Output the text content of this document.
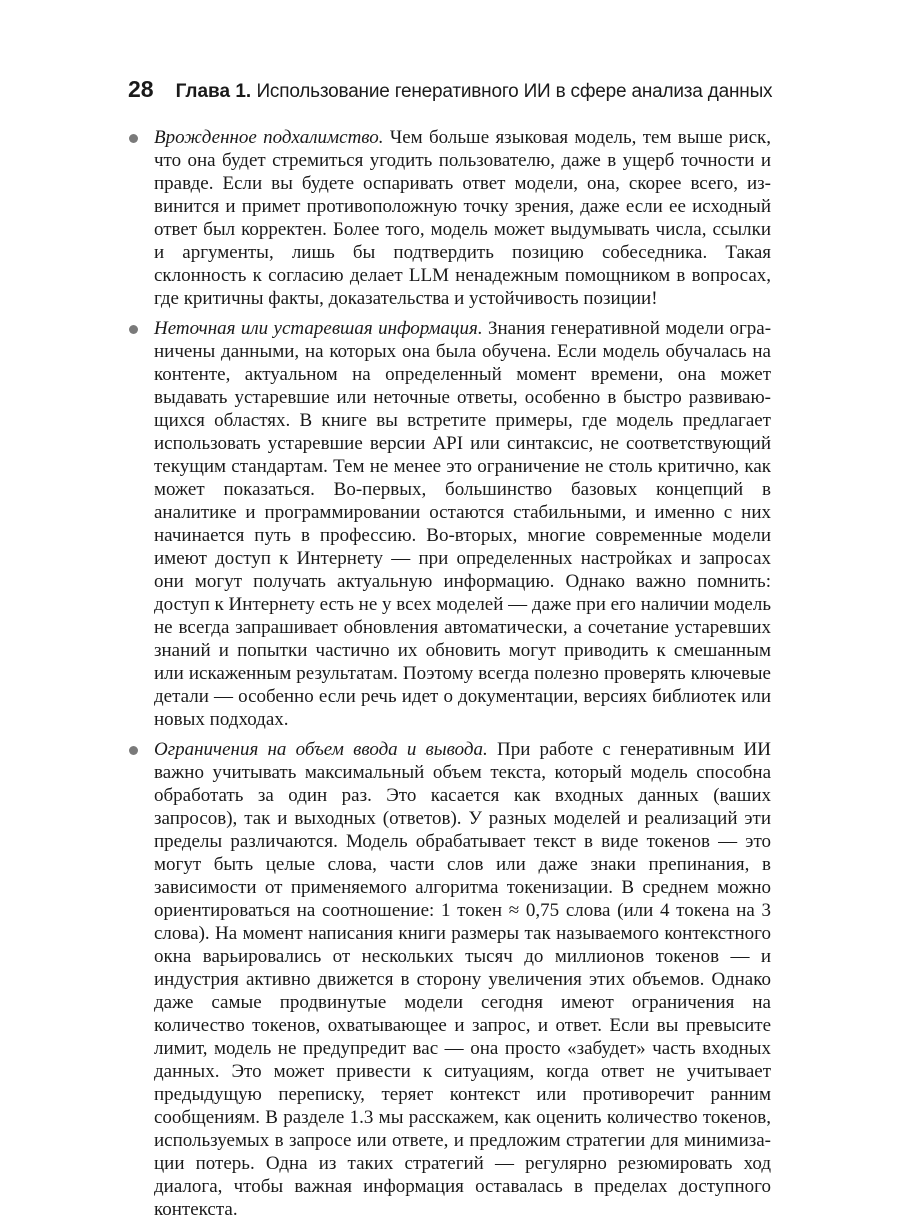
28 Глава 1. Использование генеративного ИИ в сфере анализа данных
Врожденное подхалимство. Чем больше языковая модель, тем выше риск, что она будет стремиться угодить пользователю, даже в ущерб точности и правде. Если вы будете оспаривать ответ модели, она, скорее всего, извинится и примет противоположную точку зрения, даже если ее исходный ответ был корректен. Более того, модель может выдумывать числа, ссылки и аргументы, лишь бы подтвердить позицию собеседника. Такая склонность к согласию делает LLM ненадежным помощником в вопросах, где критичны факты, доказательства и устойчивость позиции!
Неточная или устаревшая информация. Знания генеративной модели ограничены данными, на которых она была обучена. Если модель обучалась на контенте, актуальном на определенный момент времени, она может выдавать устаревшие или неточные ответы, особенно в быстро развивающихся областях. В книге вы встретите примеры, где модель предлагает использовать устаревшие версии API или синтаксис, не соответствующий текущим стандартам. Тем не менее это ограничение не столь критично, как может показаться. Во-первых, большинство базовых концепций в аналитике и программировании остаются стабильными, и именно с них начинается путь в профессию. Во-вторых, многие современные модели имеют доступ к Интернету — при определенных настройках и запросах они могут получать актуальную информацию. Однако важно помнить: доступ к Интернету есть не у всех моделей — даже при его наличии модель не всегда запрашивает обновления автоматически, а сочетание устаревших знаний и попытки частично их обновить могут приводить к смешанным или искаженным результатам. Поэтому всегда полезно проверять ключевые детали — особенно если речь идет о документации, версиях библиотек или новых подходах.
Ограничения на объем ввода и вывода. При работе с генеративным ИИ важно учитывать максимальный объем текста, который модель способна обработать за один раз. Это касается как входных данных (ваших запросов), так и выходных (ответов). У разных моделей и реализаций эти пределы различаются. Модель обрабатывает текст в виде токенов — это могут быть целые слова, части слов или даже знаки препинания, в зависимости от применяемого алгоритма токенизации. В среднем можно ориентироваться на соотношение: 1 токен ≈ 0,75 слова (или 4 токена на 3 слова). На момент написания книги размеры так называемого контекстного окна варьировались от нескольких тысяч до миллионов токенов — и индустрия активно движется в сторону увеличения этих объемов. Однако даже самые продвинутые модели сегодня имеют ограничения на количество токенов, охватывающее и запрос, и ответ. Если вы превысите лимит, модель не предупредит вас — она просто «забудет» часть входных данных. Это может привести к ситуациям, когда ответ не учитывает предыдущую переписку, теряет контекст или противоречит ранним сообщениям. В разделе 1.3 мы расскажем, как оценить количество токенов, используемых в запросе или ответе, и предложим стратегии для минимизации потерь. Одна из таких стратегий — регулярно резюмировать ход диалога, чтобы важная информация оставалась в пределах доступного контекста.
